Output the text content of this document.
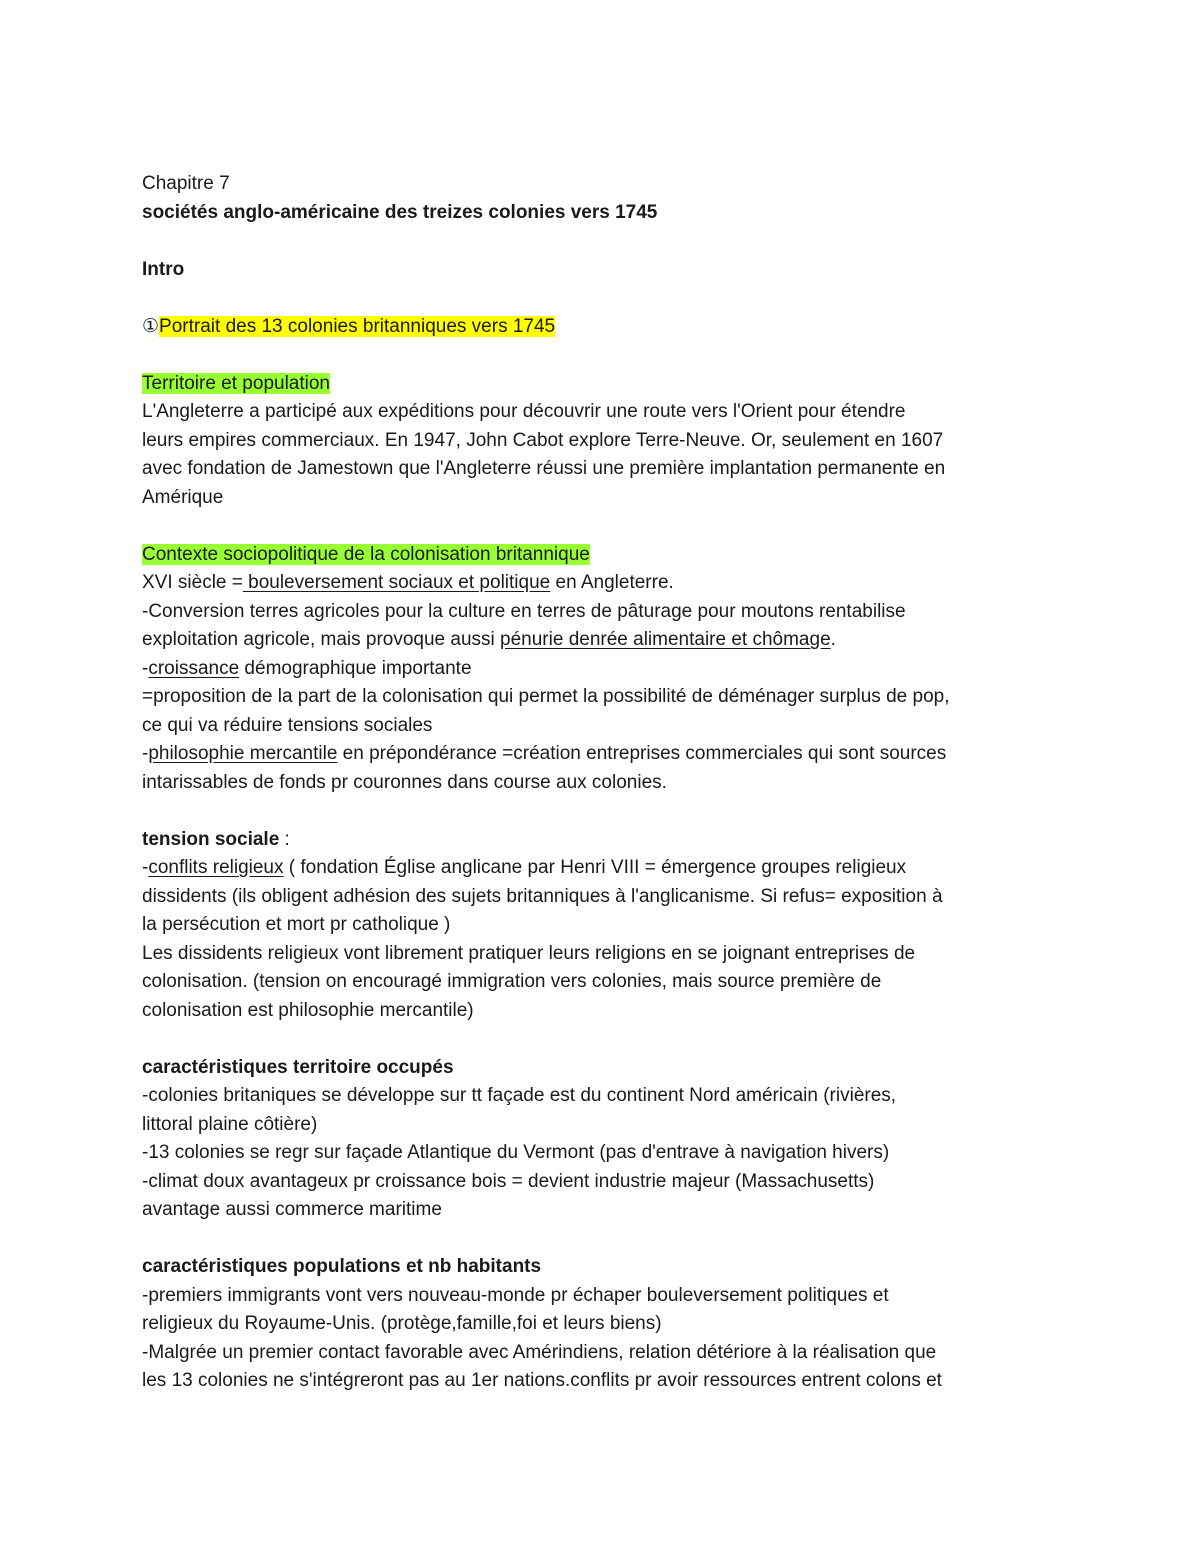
Chapitre 7
sociétés anglo-américaine des treizes colonies vers 1745
Intro
①Portrait des 13 colonies britanniques vers 1745
Territoire et population
L'Angleterre a participé aux expéditions pour découvrir une route vers l'Orient pour étendre
leurs empires commerciaux. En 1947, John Cabot explore Terre-Neuve. Or, seulement en 1607
avec fondation de Jamestown que l'Angleterre réussi une première implantation permanente en
Amérique
Contexte sociopolitique de la colonisation britannique
XVI siècle = bouleversement sociaux et politique en Angleterre.
-Conversion terres agricoles pour la culture en terres de pâturage pour moutons rentabilise
exploitation agricole, mais provoque aussi pénurie denrée alimentaire et chômage.
-croissance démographique importante
=proposition de la part de la colonisation qui permet la possibilité de déménager surplus de pop,
ce qui va réduire tensions sociales
-philosophie mercantile en prépondérance =création entreprises commerciales qui sont sources
intarissables de fonds pr couronnes dans course aux colonies.
tension sociale :
-conflits religieux ( fondation Église anglicane par Henri VIII = émergence groupes religieux
dissidents (ils obligent adhésion des sujets britanniques à l'anglicanisme. Si refus= exposition à
la persécution et mort pr catholique )
Les dissidents religieux vont librement pratiquer leurs religions en se joignant entreprises de
colonisation. (tension on encouragé immigration vers colonies, mais source première de
colonisation est philosophie mercantile)
caractéristiques territoire occupés
-colonies britaniques se développe sur tt façade est du continent Nord américain (rivières,
littoral plaine côtière)
-13 colonies se regr sur façade Atlantique du Vermont (pas d'entrave à navigation hivers)
-climat doux avantageux pr croissance bois = devient industrie majeur (Massachusetts)
avantage aussi commerce maritime
caractéristiques populations et nb habitants
-premiers immigrants vont vers nouveau-monde pr échaper bouleversement politiques et
religieux du Royaume-Unis. (protège,famille,foi et leurs biens)
-Malgrée un premier contact favorable avec Amérindiens, relation détériore à la réalisation que
les 13 colonies ne s'intégreront pas au 1er nations.conflits pr avoir ressources entrent colons et
